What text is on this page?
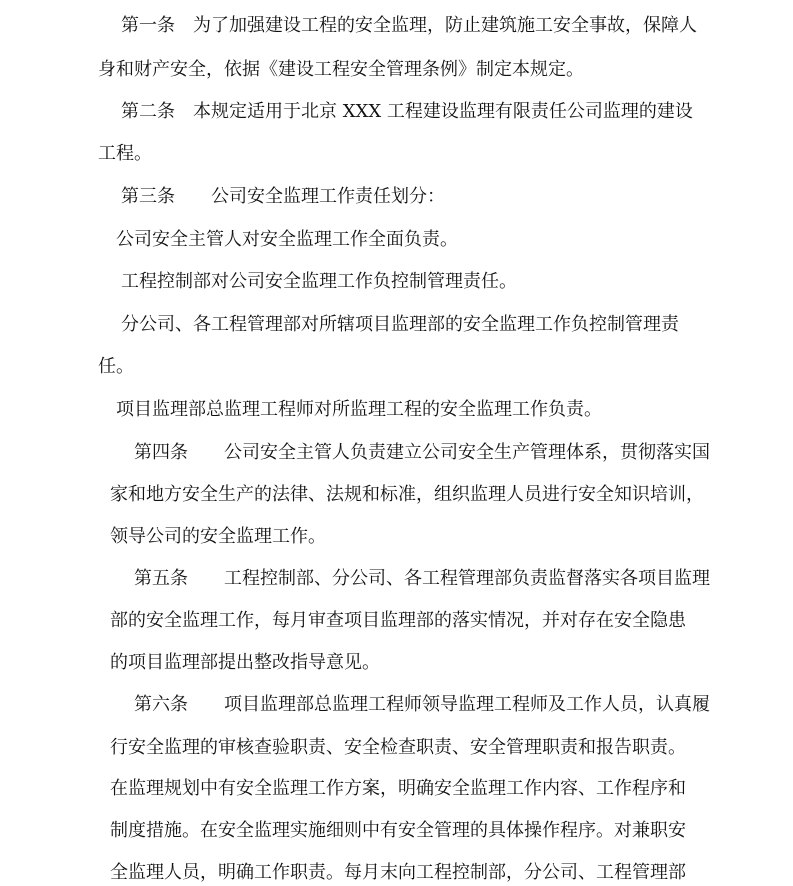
第一条 为了加强建设工程的安全监理，防止建筑施工安全事故，保障人

身和财产安全，依据《建设工程安全管理条例》制定本规定。

第二条 本规定适用于北京 XXX 工程建设监理有限责任公司监理的建设

工程。

第三条 公司安全监理工作责任划分：

公司安全主管人对安全监理工作全面负责。

工程控制部对公司安全监理工作负控制管理责任。

分公司、各工程管理部对所辖项目监理部的安全监理工作负控制管理责

任。

项目监理部总监理工程师对所监理工程的安全监理工作负责。

第四条 公司安全主管人负责建立公司安全生产管理体系，贯彻落实国

家和地方安全生产的法律、法规和标准，组织监理人员进行安全知识培训，

领导公司的安全监理工作。

第五条 工程控制部、分公司、各工程管理部负责监督落实各项目监理

部的安全监理工作，每月审查项目监理部的落实情况，并对存在安全隐患

的项目监理部提出整改指导意见。

第六条 项目监理部总监理工程师领导监理工程师及工作人员，认真履

行安全监理的审核查验职责、安全检查职责、安全管理职责和报告职责。

在监理规划中有安全监理工作方案，明确安全监理工作内容、工作程序和

制度措施。在安全监理实施细则中有安全管理的具体操作程序。对兼职安

全监理人员，明确工作职责。每月末向工程控制部，分公司、工程管理部
